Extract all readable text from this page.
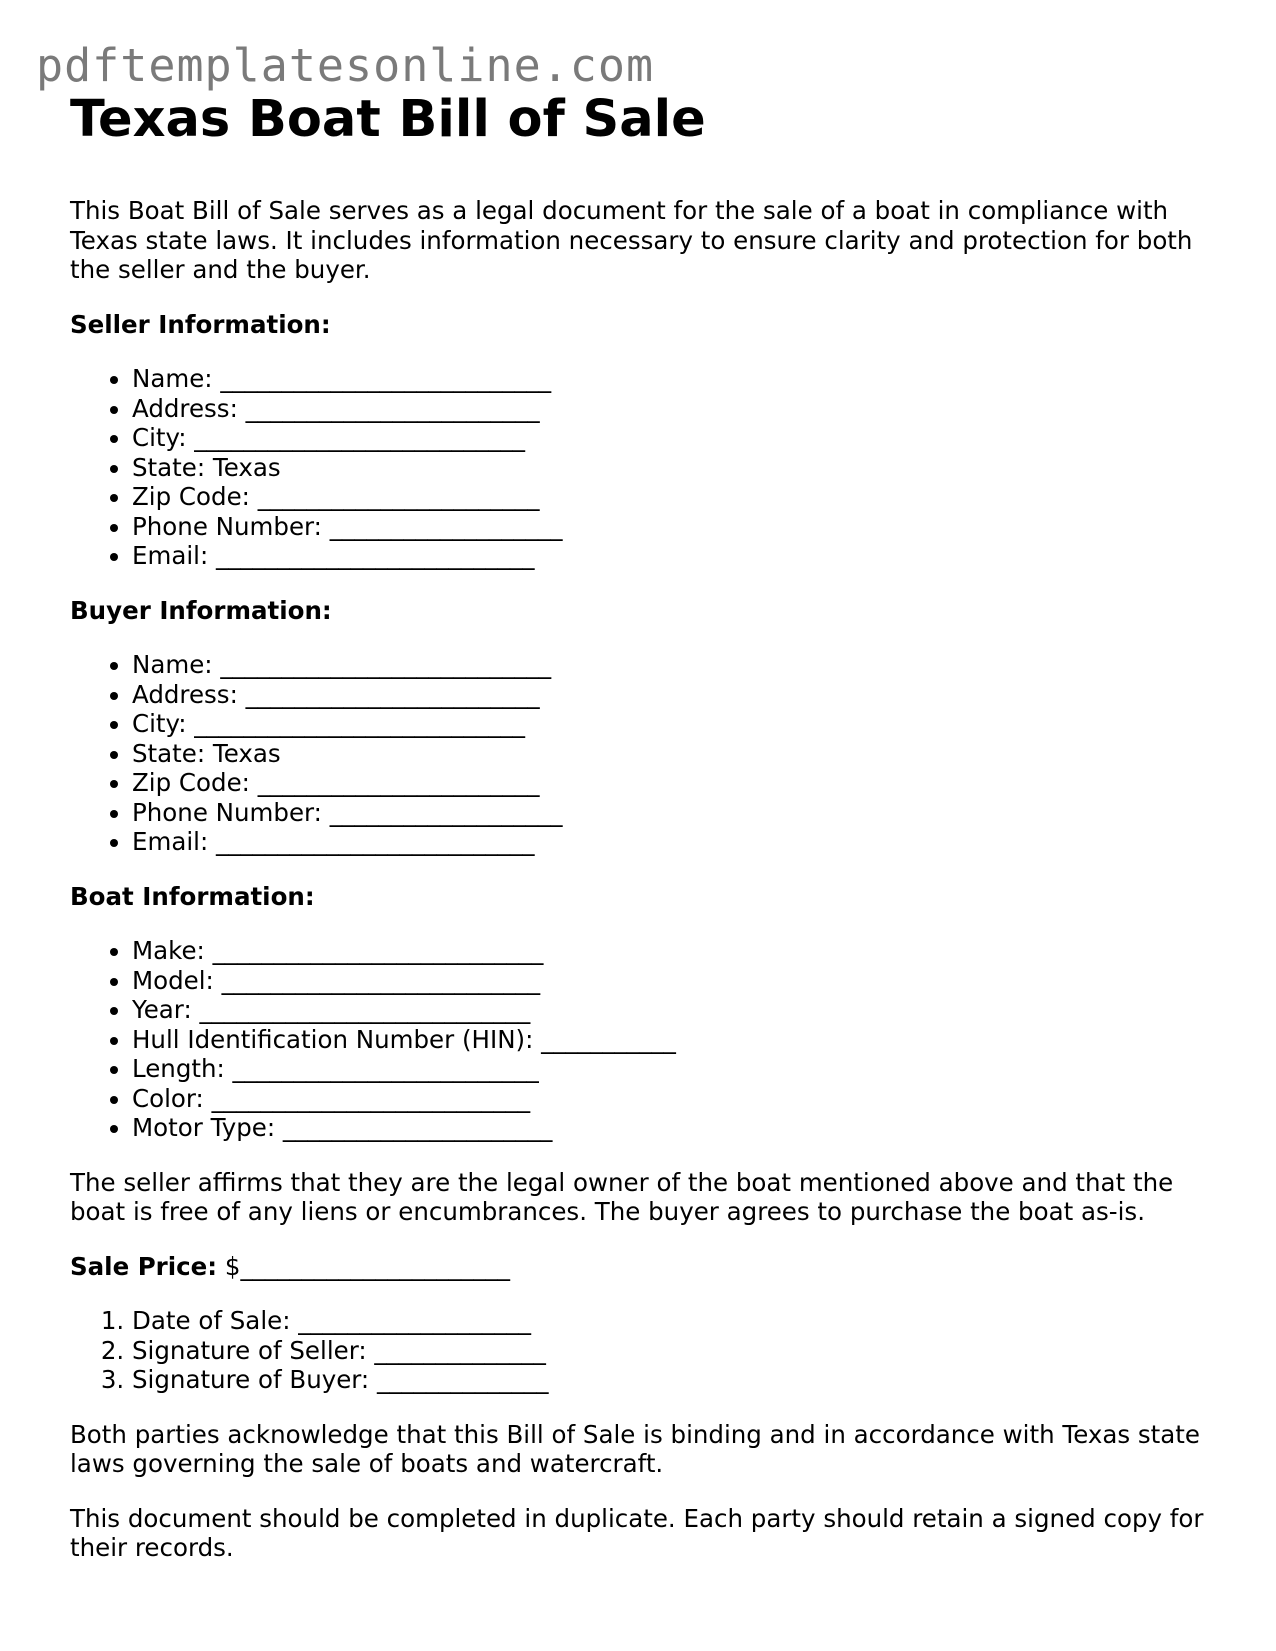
pdftemplatesonline.com
Texas Boat Bill of Sale

This Boat Bill of Sale serves as a legal document for the sale of a boat in compliance with Texas state laws. It includes information necessary to ensure clarity and protection for both the seller and the buyer.

Seller Information:
• Name: ___________________________
• Address: ________________________
• City: ___________________________
• State: Texas
• Zip Code: _______________________
• Phone Number: ___________________
• Email: __________________________
Buyer Information:
• Name: ___________________________
• Address: ________________________
• City: ___________________________
• State: Texas
• Zip Code: _______________________
• Phone Number: ___________________
• Email: __________________________
Boat Information:
• Make: ___________________________
• Model: __________________________
• Year: ___________________________
• Hull Identification Number (HIN): ___________
• Length: _________________________
• Color: __________________________
• Motor Type: ______________________

The seller affirms that they are the legal owner of the boat mentioned above and that the boat is free of any liens or encumbrances. The buyer agrees to purchase the boat as-is.

Sale Price: $______________________
1. Date of Sale: ___________________
2. Signature of Seller: ______________
3. Signature of Buyer: ______________

Both parties acknowledge that this Bill of Sale is binding and in accordance with Texas state laws governing the sale of boats and watercraft.

This document should be completed in duplicate. Each party should retain a signed copy for their records.
